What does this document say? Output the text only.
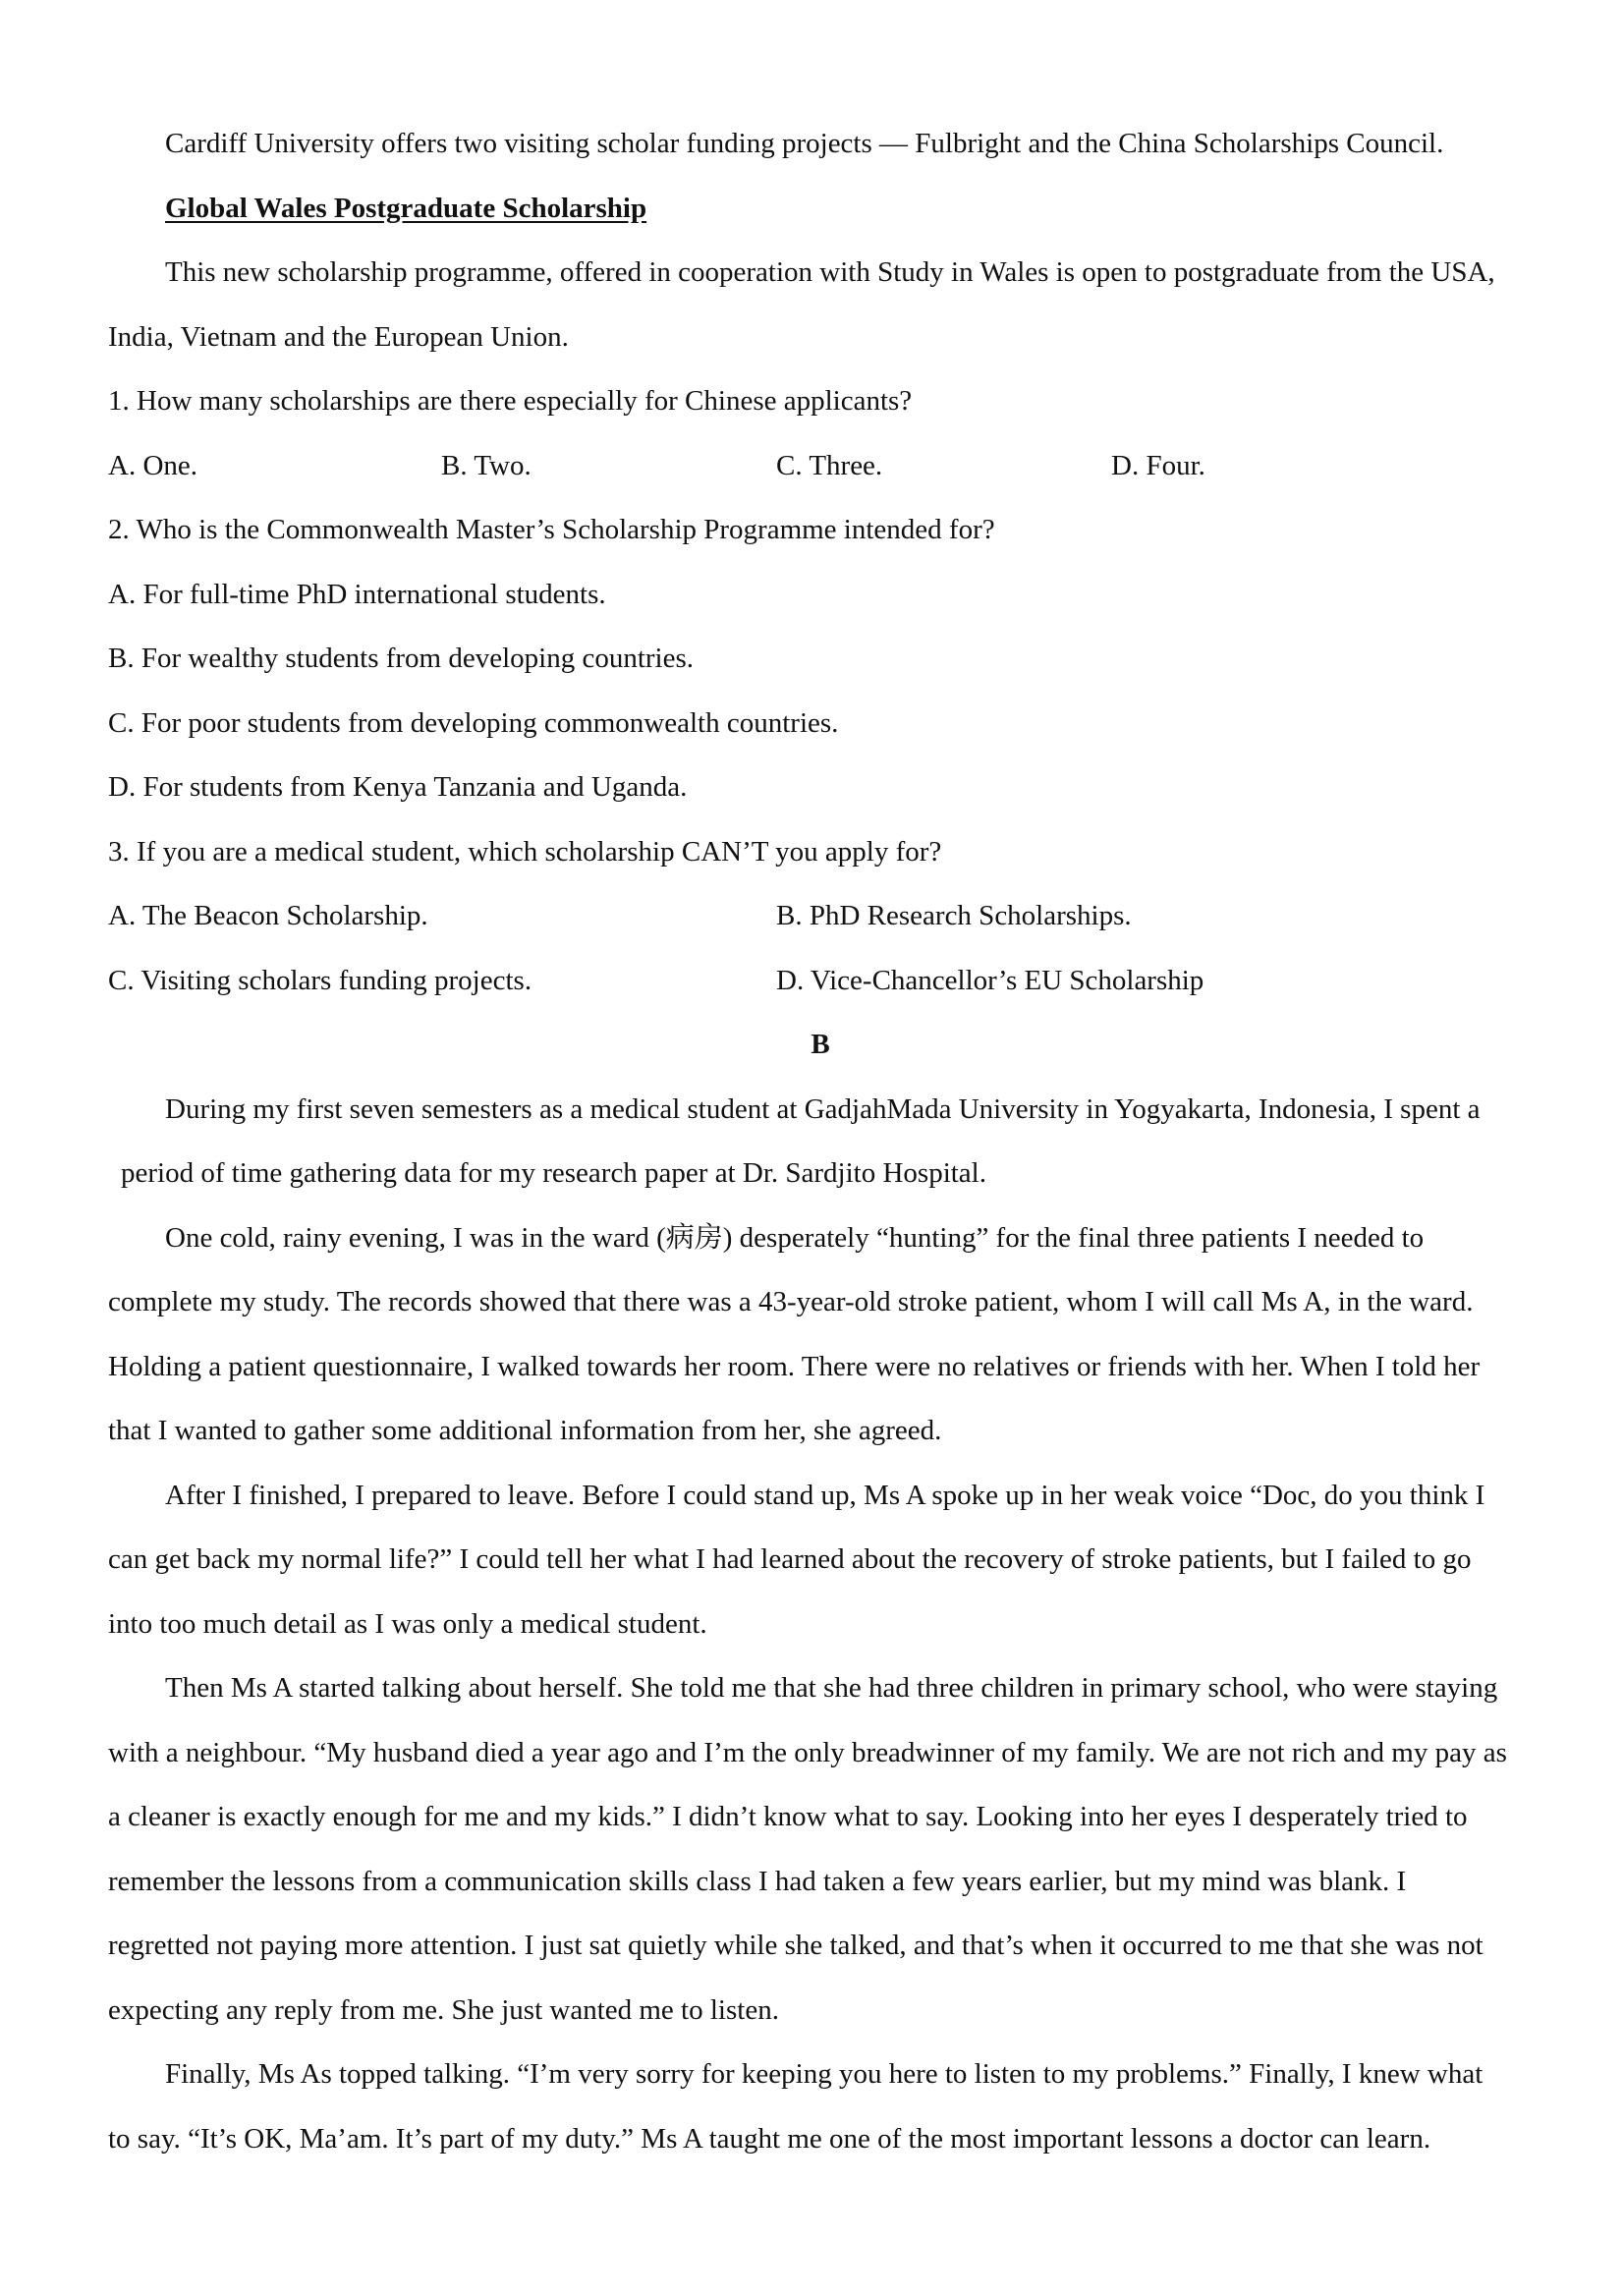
Cardiff University offers two visiting scholar funding projects — Fulbright and the China Scholarships Council.
Global Wales Postgraduate Scholarship
This new scholarship programme, offered in cooperation with Study in Wales is open to postgraduate from the USA,
India, Vietnam and the European Union.
1. How many scholarships are there especially for Chinese applicants?
A. One.	B. Two.	C. Three.	D. Four.
2. Who is the Commonwealth Master’s Scholarship Programme intended for?
A. For full-time PhD international students.
B. For wealthy students from developing countries.
C. For poor students from developing commonwealth countries.
D. For students from Kenya Tanzania and Uganda.
3. If you are a medical student, which scholarship CAN’T you apply for?
A. The Beacon Scholarship.	B. PhD Research Scholarships.
C. Visiting scholars funding projects.	D. Vice-Chancellor’s EU Scholarship
B
During my first seven semesters as a medical student at GadjahMada University in Yogyakarta, Indonesia, I spent a
period of time gathering data for my research paper at Dr. Sardjito Hospital.
One cold, rainy evening, I was in the ward (病房) desperately “hunting” for the final three patients I needed to
complete my study. The records showed that there was a 43-year-old stroke patient, whom I will call Ms A, in the ward.
Holding a patient questionnaire, I walked towards her room. There were no relatives or friends with her. When I told her
that I wanted to gather some additional information from her, she agreed.
After I finished, I prepared to leave. Before I could stand up, Ms A spoke up in her weak voice “Doc, do you think I
can get back my normal life?” I could tell her what I had learned about the recovery of stroke patients, but I failed to go
into too much detail as I was only a medical student.
Then Ms A started talking about herself. She told me that she had three children in primary school, who were staying
with a neighbour. “My husband died a year ago and I’m the only breadwinner of my family. We are not rich and my pay as
a cleaner is exactly enough for me and my kids.” I didn’t know what to say. Looking into her eyes I desperately tried to
remember the lessons from a communication skills class I had taken a few years earlier, but my mind was blank. I
regretted not paying more attention. I just sat quietly while she talked, and that’s when it occurred to me that she was not
expecting any reply from me. She just wanted me to listen.
Finally, Ms As topped talking. “I’m very sorry for keeping you here to listen to my problems.” Finally, I knew what
to say. “It’s OK, Ma’am. It’s part of my duty.” Ms A taught me one of the most important lessons a doctor can learn.
